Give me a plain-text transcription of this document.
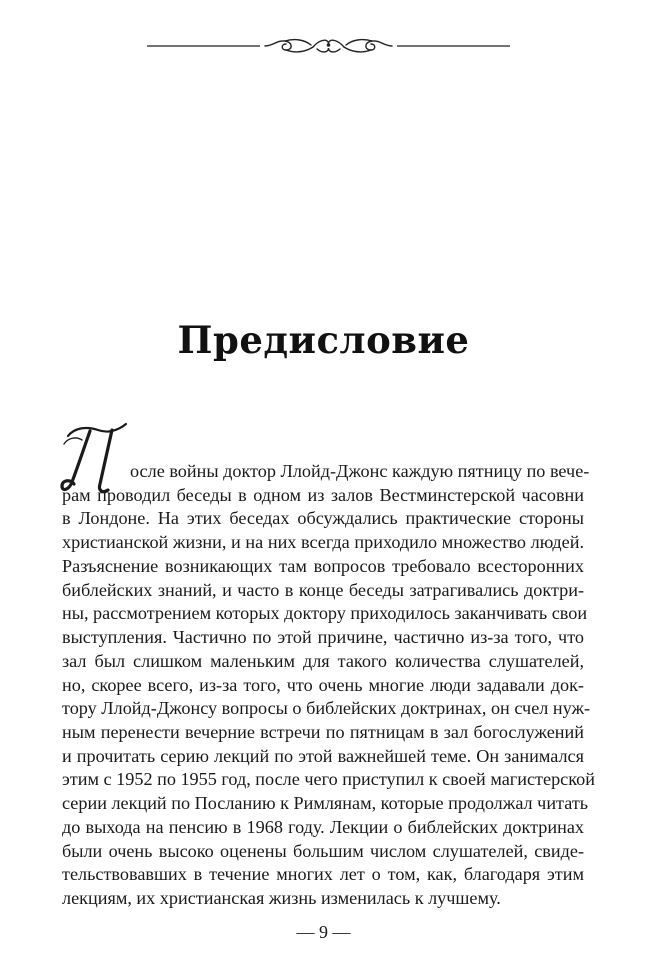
Предисловие
— 9 —
осле войны доктор Ллойд-Джонс каждую пятницу по вече-
рам проводил беседы в одном из залов Вестминстерской часовни
в Лондоне. На этих беседах обсуждались практические стороны
христианской жизни, и на них всегда приходило множество людей.
Разъяснение возникающих там вопросов требовало всесторонних
библейских знаний, и часто в конце беседы затрагивались доктри-
ны, рассмотрением которых доктору приходилось заканчивать свои
выступления. Частично по этой причине, частично из-за того, что
зал был слишком маленьким для такого количества слушателей,
но, скорее всего, из-за того, что очень многие люди задавали док-
тору Ллойд-Джонсу вопросы о библейских доктринах, он счел нуж-
ным перенести вечерние встречи по пятницам в зал богослужений
и прочитать серию лекций по этой важнейшей теме. Он занимался
этим с 1952 по 1955 год, после чего приступил к своей магистерской
серии лекций по Посланию к Римлянам, которые продолжал читать
до выхода на пенсию в 1968 году. Лекции о библейских доктринах
были очень высоко оценены большим числом слушателей, свиде-
тельствовавших в течение многих лет о том, как, благодаря этим
лекциям, их христианская жизнь изменилась к лучшему.
